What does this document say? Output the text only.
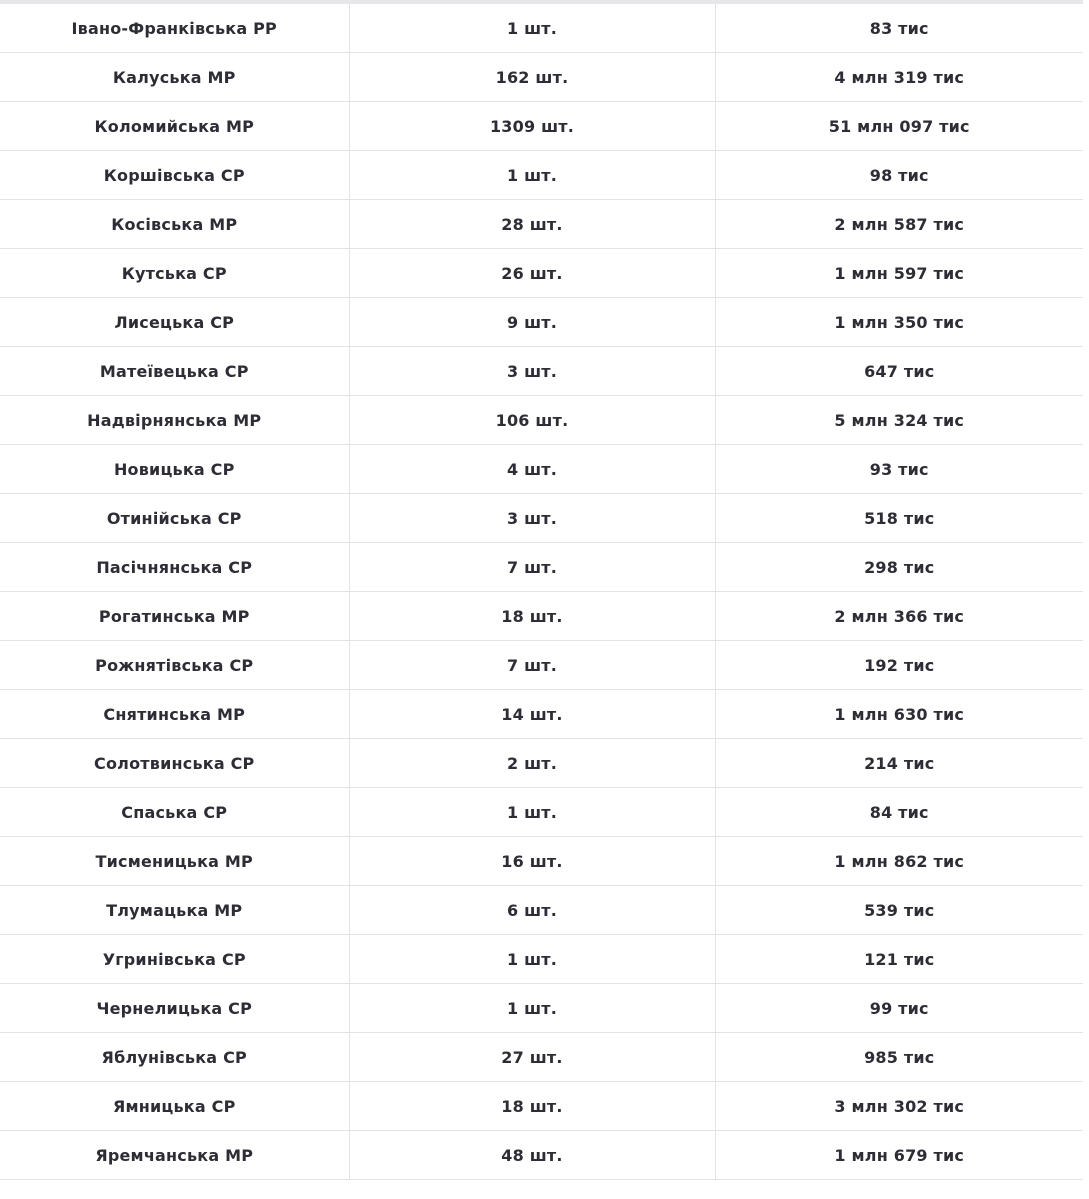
Івано-Франківська РР	1 шт.	83 тис
Калуська МР	162 шт.	4 млн 319 тис
Коломийська МР	1309 шт.	51 млн 097 тис
Коршівська СР	1 шт.	98 тис
Косівська МР	28 шт.	2 млн 587 тис
Кутська СР	26 шт.	1 млн 597 тис
Лисецька СР	9 шт.	1 млн 350 тис
Матеївецька СР	3 шт.	647 тис
Надвірнянська МР	106 шт.	5 млн 324 тис
Новицька СР	4 шт.	93 тис
Отинійська СР	3 шт.	518 тис
Пасічнянська СР	7 шт.	298 тис
Рогатинська МР	18 шт.	2 млн 366 тис
Рожнятівська СР	7 шт.	192 тис
Снятинська МР	14 шт.	1 млн 630 тис
Солотвинська СР	2 шт.	214 тис
Спаська СР	1 шт.	84 тис
Тисменицька МР	16 шт.	1 млн 862 тис
Тлумацька МР	6 шт.	539 тис
Угринівська СР	1 шт.	121 тис
Чернелицька СР	1 шт.	99 тис
Яблунівська СР	27 шт.	985 тис
Ямницька СР	18 шт.	3 млн 302 тис
Яремчанська МР	48 шт.	1 млн 679 тис
